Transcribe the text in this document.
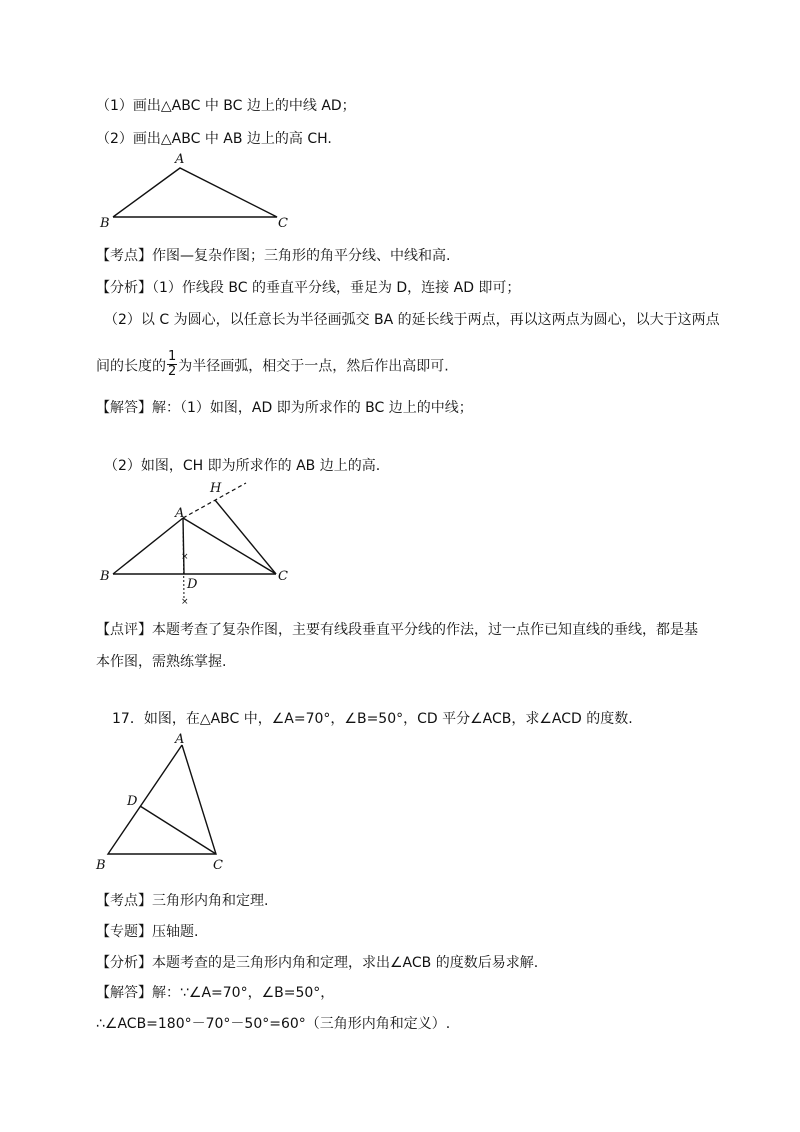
（1）画出△ABC 中 BC 边上的中线 AD；
（2）画出△ABC 中 AB 边上的高 CH.
A
B	C
【考点】作图—复杂作图；三角形的角平分线、中线和高.
【分析】（1）作线段 BC 的垂直平分线，垂足为 D，连接 AD 即可；
（2）以 C 为圆心，以任意长为半径画弧交 BA 的延长线于两点，再以这两点为圆心，以大于这两点
间的长度的 $\frac{1}{2}$ 为半径画弧，相交于一点，然后作出高即可.
【解答】解：（1）如图，AD 即为所求作的 BC 边上的中线；
（2）如图，CH 即为所求作的 AB 边上的高.
×
×
H
A
B	C
D
【点评】本题考查了复杂作图，主要有线段垂直平分线的作法，过一点作已知直线的垂线，都是基
本作图，需熟练掌握.
17．如图，在△ABC 中，∠A=70°，∠B=50°，CD 平分∠ACB，求∠ACD 的度数.
A
D
B	C
【考点】三角形内角和定理.
【专题】压轴题.
【分析】本题考查的是三角形内角和定理，求出∠ACB 的度数后易求解.
【解答】解：∵∠A=70°，∠B=50°，
∴∠ACB=180°－70°－50°=60°（三角形内角和定义）.
